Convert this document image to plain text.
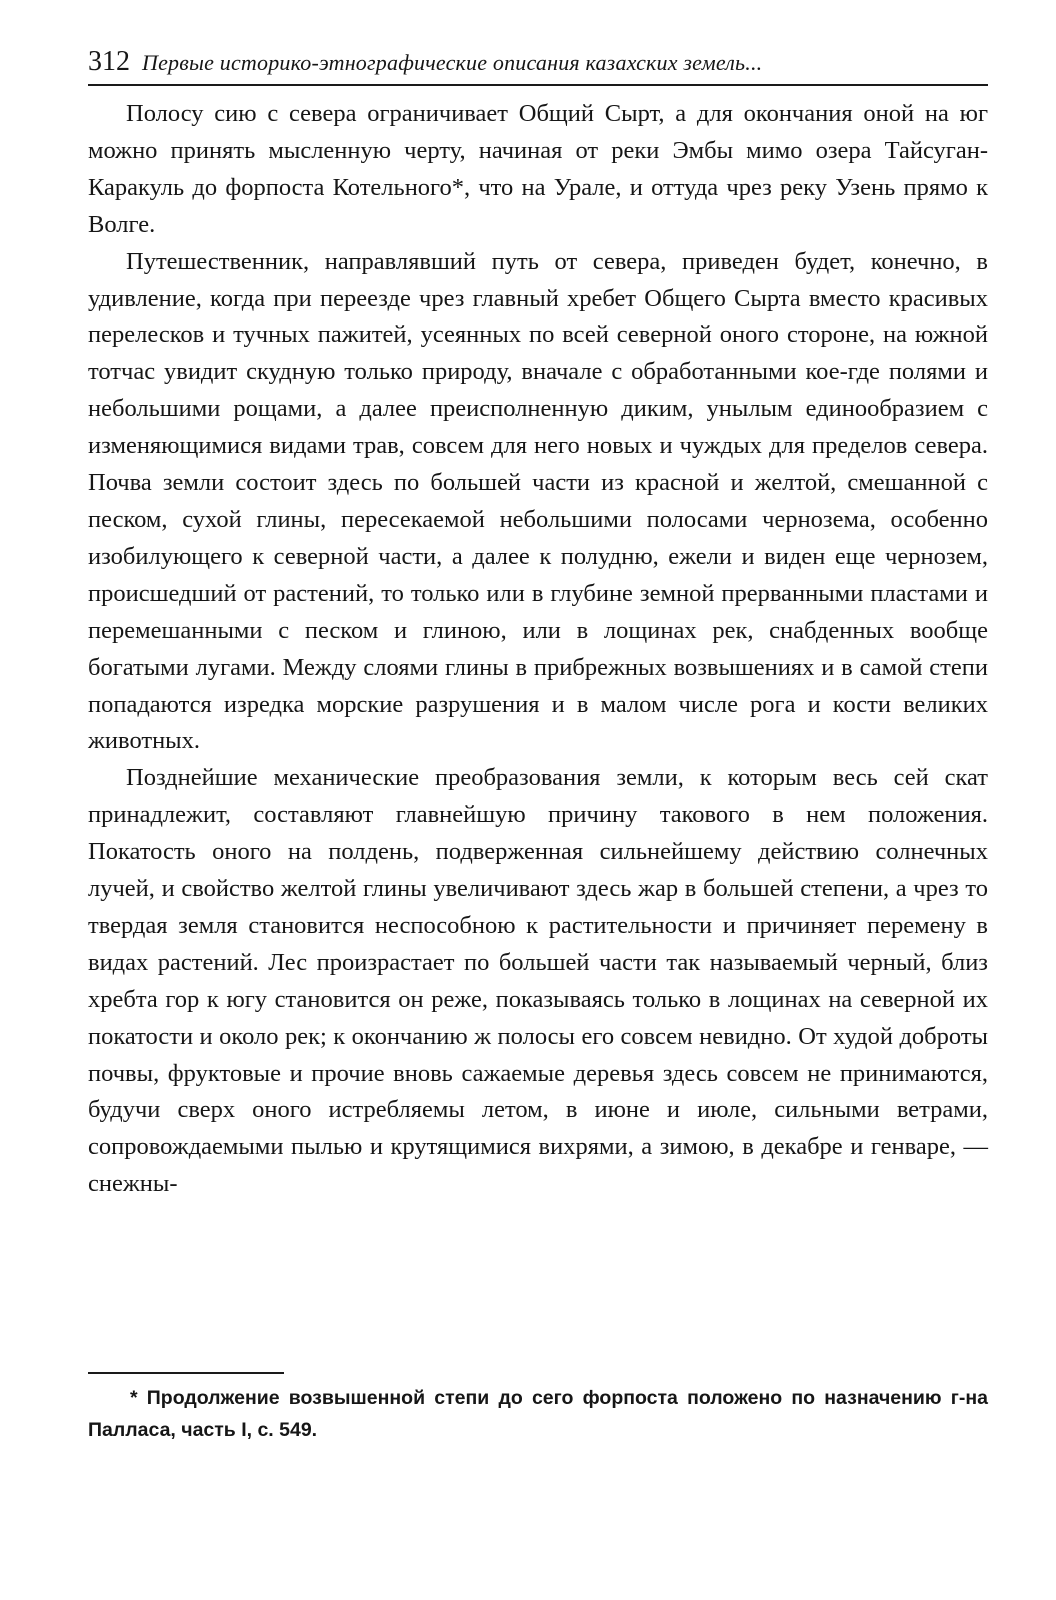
312 Первые историко-этнографические описания казахских земель...

Полосу сию с севера ограничивает Общий Сырт, а для окончания оной на юг можно принять мысленную черту, начиная от реки Эмбы мимо озера Тайсуган-Каракуль до форпоста Котельного*, что на Урале, и оттуда чрез реку Узень прямо к Волге.

Путешественник, направлявший путь от севера, приведен будет, конечно, в удивление, когда при переезде чрез главный хребет Общего Сырта вместо красивых перелесков и тучных пажитей, усеянных по всей северной оного стороне, на южной тотчас увидит скудную только природу, вначале с обработанными кое-где полями и небольшими рощами, а далее преисполненную диким, унылым единообразием с изменяющимися видами трав, совсем для него новых и чуждых для пределов севера. Почва земли состоит здесь по большей части из красной и желтой, смешанной с песком, сухой глины, пересекаемой небольшими полосами чернозема, особенно изобилующего к северной части, а далее к полудню, ежели и виден еще чернозем, происшедший от растений, то только или в глубине земной прерванными пластами и перемешанными с песком и глиною, или в лощинах рек, снабденных вообще богатыми лугами. Между слоями глины в прибрежных возвышениях и в самой степи попадаются изредка морские разрушения и в малом числе рога и кости великих животных.

Позднейшие механические преобразования земли, к которым весь сей скат принадлежит, составляют главнейшую причину такового в нем положения. Покатость оного на полдень, подверженная сильнейшему действию солнечных лучей, и свойство желтой глины увеличивают здесь жар в большей степени, а чрез то твердая земля становится неспособною к растительности и причиняет перемену в видах растений. Лес произрастает по большей части так называемый черный, близ хребта гор к югу становится он реже, показываясь только в лощинах на северной их покатости и около рек; к окончанию ж полосы его совсем невидно. От худой доброты почвы, фруктовые и прочие вновь сажаемые деревья здесь совсем не принимаются, будучи сверх оного истребляемы летом, в июне и июле, сильными ветрами, сопровождаемыми пылью и крутящимися вихрями, а зимою, в декабре и генваре, — снежны-

* Продолжение возвышенной степи до сего форпоста положено по назначению г-на Палласа, часть I, с. 549.
